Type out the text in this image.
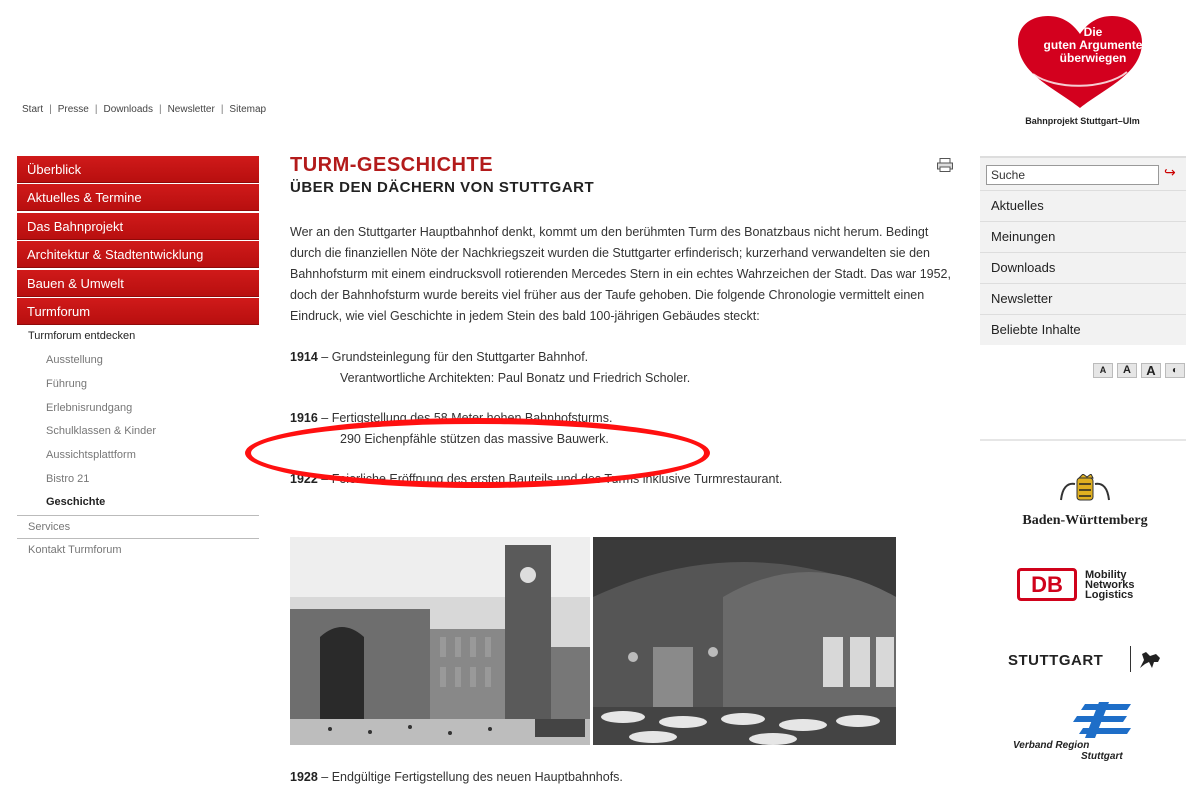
Start | Presse | Downloads | Newsletter | Sitemap
Die
guten Argumente
überwiegen
Bahnprojekt Stuttgart–Ulm
Überblick
Aktuelles & Termine
Das Bahnprojekt
Architektur & Stadtentwicklung
Bauen & Umwelt
Turmforum
Turmforum entdecken
Ausstellung
Führung
Erlebnisrundgang
Schulklassen & Kinder
Aussichtsplattform
Bistro 21
Geschichte
Services
Kontakt Turmforum
TURM-GESCHICHTE
ÜBER DEN DÄCHERN VON STUTTGART

Wer an den Stuttgarter Hauptbahnhof denkt, kommt um den berühmten Turm des Bonatzbaus nicht herum. Bedingt durch die finanziellen Nöte der Nachkriegszeit wurden die Stuttgarter erfinderisch; kurzerhand verwandelten sie den Bahnhofsturm mit einem eindrucksvoll rotierenden Mercedes Stern in ein echtes Wahrzeichen der Stadt. Das war 1952, doch der Bahnhofsturm wurde bereits viel früher aus der Taufe gehoben. Die folgende Chronologie vermittelt einen Eindruck, wie viel Geschichte in jedem Stein des bald 100-jährigen Gebäudes steckt:

1914 – Grundsteinlegung für den Stuttgarter Bahnhof.
Verantwortliche Architekten: Paul Bonatz und Friedrich Scholer.
1916 – Fertigstellung des 58 Meter hohen Bahnhofsturms.
290 Eichenpfähle stützen das massive Bauwerk.
1922 – Feierliche Eröffnung des ersten Bauteils und des Turms inklusive Turmrestaurant.
1928 – Endgültige Fertigstellung des neuen Hauptbahnhofs.
Suche
↪
Aktuelles
Meinungen
Downloads
Newsletter
Beliebte Inhalte
A	A	A	◐
Baden-Württemberg
DB	Mobility
Networks
Logistics
STUTTGART
Verband Region
Stuttgart
